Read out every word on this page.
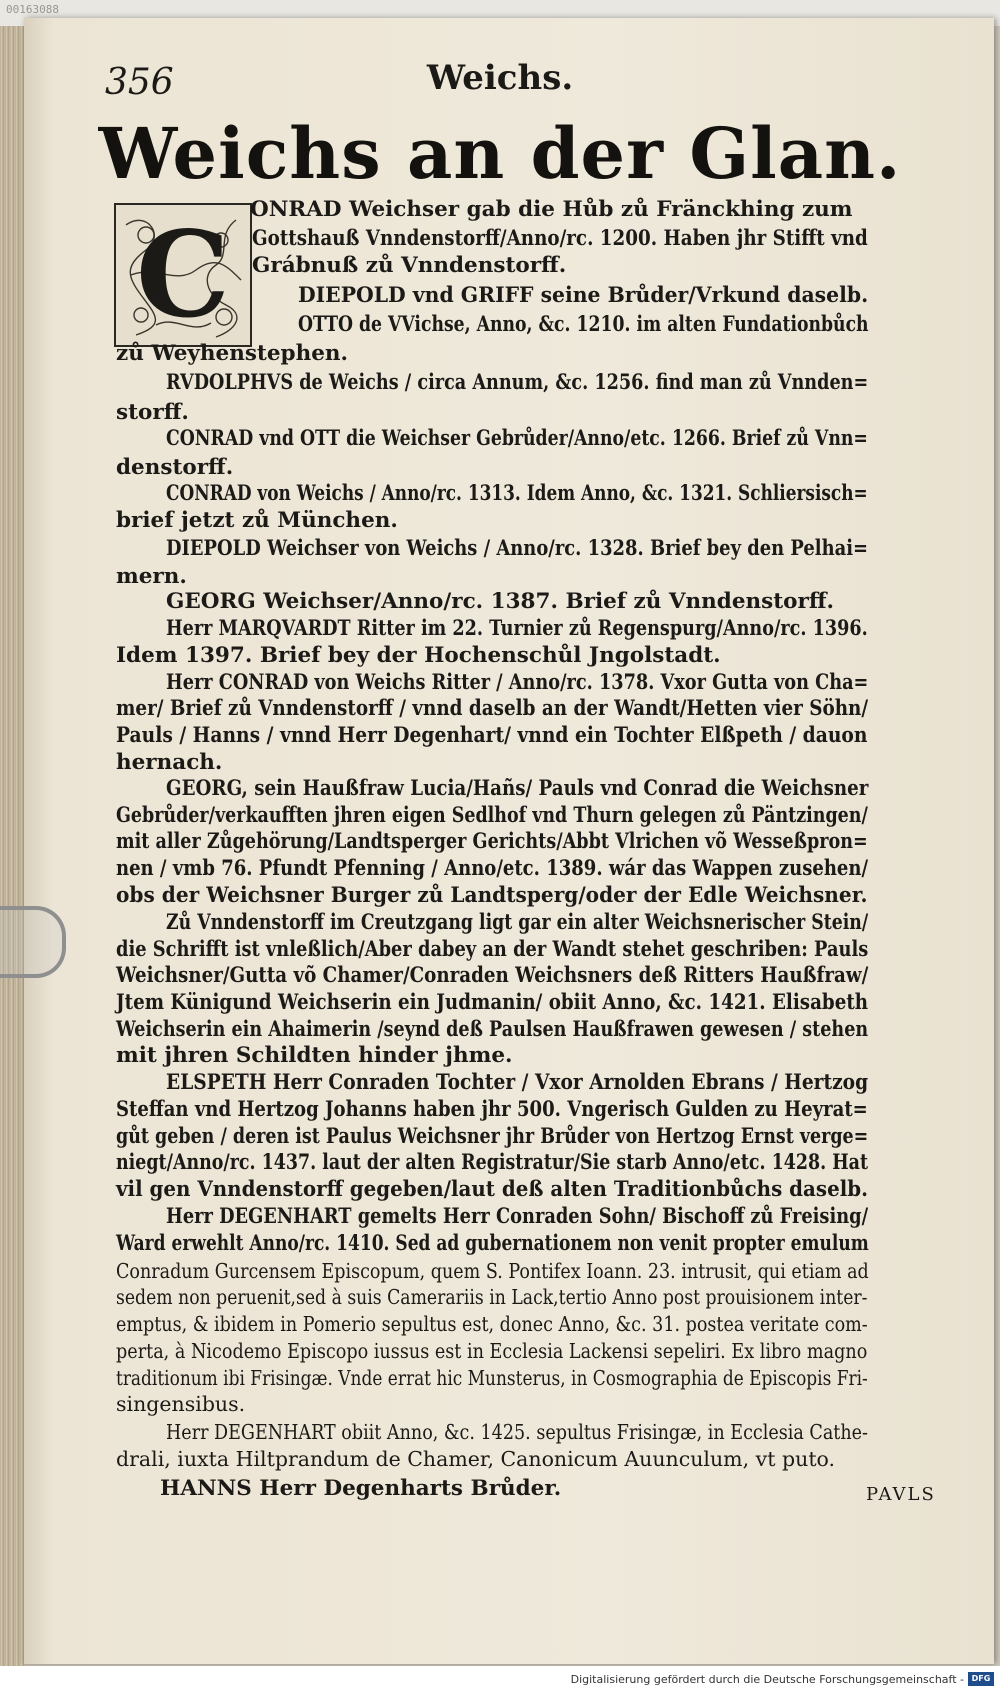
00163088
356	Weichs.
Weichs an der Glan.
C ONRAD Weichser gab die Hůb zů Fränckhing zum
Gottshauß Vnndenstorff/Anno/rc. 1200. Haben jhr Stifft vnd
Grábnuß zů Vnndenstorff.
DIEPOLD vnd GRIFF seine Brůder/Vrkund daselb.
OTTO de VVichse, Anno, &c. 1210. im alten Fundationbůch
zů Weyhenstephen.
RVDOLPHVS de Weichs / circa Annum, &c. 1256. find man zů Vnnden=
storff.
CONRAD vnd OTT die Weichser Gebrůder/Anno/etc. 1266. Brief zů Vnn=
denstorff.
CONRAD von Weichs / Anno/rc. 1313. Idem Anno, &c. 1321. Schliersisch=
brief jetzt zů München.
DIEPOLD Weichser von Weichs / Anno/rc. 1328. Brief bey den Pelhai=
mern.
GEORG Weichser/Anno/rc. 1387. Brief zů Vnndenstorff.
Herr MARQVARDT Ritter im 22. Turnier zů Regenspurg/Anno/rc. 1396.
Idem 1397. Brief bey der Hochenschůl Jngolstadt.
Herr CONRAD von Weichs Ritter / Anno/rc. 1378. Vxor Gutta von Cha=
mer/ Brief zů Vnndenstorff / vnnd daselb an der Wandt/Hetten vier Söhn/
Pauls / Hanns / vnnd Herr Degenhart/ vnnd ein Tochter Elßpeth / dauon
hernach.
GEORG, sein Haußfraw Lucia/Hañs/ Pauls vnd Conrad die Weichsner
Gebrůder/verkaufften jhren eigen Sedlhof vnd Thurn gelegen zů Päntzingen/
mit aller Zůgehörung/Landtsperger Gerichts/Abbt Vlrichen võ Wesseßpron=
nen / vmb 76. Pfundt Pfenning / Anno/etc. 1389. wár das Wappen zusehen/
obs der Weichsner Burger zů Landtsperg/oder der Edle Weichsner.
Zů Vnndenstorff im Creutzgang ligt gar ein alter Weichsnerischer Stein/
die Schrifft ist vnleßlich/Aber dabey an der Wandt stehet geschriben: Pauls
Weichsner/Gutta võ Chamer/Conraden Weichsners deß Ritters Haußfraw/
Jtem Künigund Weichserin ein Judmanin/ obiit Anno, &c. 1421. Elisabeth
Weichserin ein Ahaimerin /seynd deß Paulsen Haußfrawen gewesen / stehen
mit jhren Schildten hinder jhme.
ELSPETH Herr Conraden Tochter / Vxor Arnolden Ebrans / Hertzog
Steffan vnd Hertzog Johanns haben jhr 500. Vngerisch Gulden zu Heyrat=
gůt geben / deren ist Paulus Weichsner jhr Brůder von Hertzog Ernst verge=
niegt/Anno/rc. 1437. laut der alten Registratur/Sie starb Anno/etc. 1428. Hat
vil gen Vnndenstorff gegeben/laut deß alten Traditionbůchs daselb.
Herr DEGENHART gemelts Herr Conraden Sohn/ Bischoff zů Freising/
Ward erwehlt Anno/rc. 1410. Sed ad gubernationem non venit propter emulum
Conradum Gurcensem Episcopum, quem S. Pontifex Ioann. 23. intrusit, qui etiam ad
sedem non peruenit,sed à suis Camerariis in Lack,tertio Anno post prouisionem inter-
emptus, & ibidem in Pomerio sepultus est, donec Anno, &c. 31. postea veritate com-
perta, à Nicodemo Episcopo iussus est in Ecclesia Lackensi sepeliri. Ex libro magno
traditionum ibi Frisingæ. Vnde errat hic Munsterus, in Cosmographia de Episcopis Fri-
singensibus.
Herr DEGENHART obiit Anno, &c. 1425. sepultus Frisingæ, in Ecclesia Cathe-
drali, iuxta Hiltprandum de Chamer, Canonicum Auunculum, vt puto.
HANNS Herr Degenharts Brůder.	PAVLS
Digitalisierung gefördert durch die Deutsche Forschungsgemeinschaft - DFG
